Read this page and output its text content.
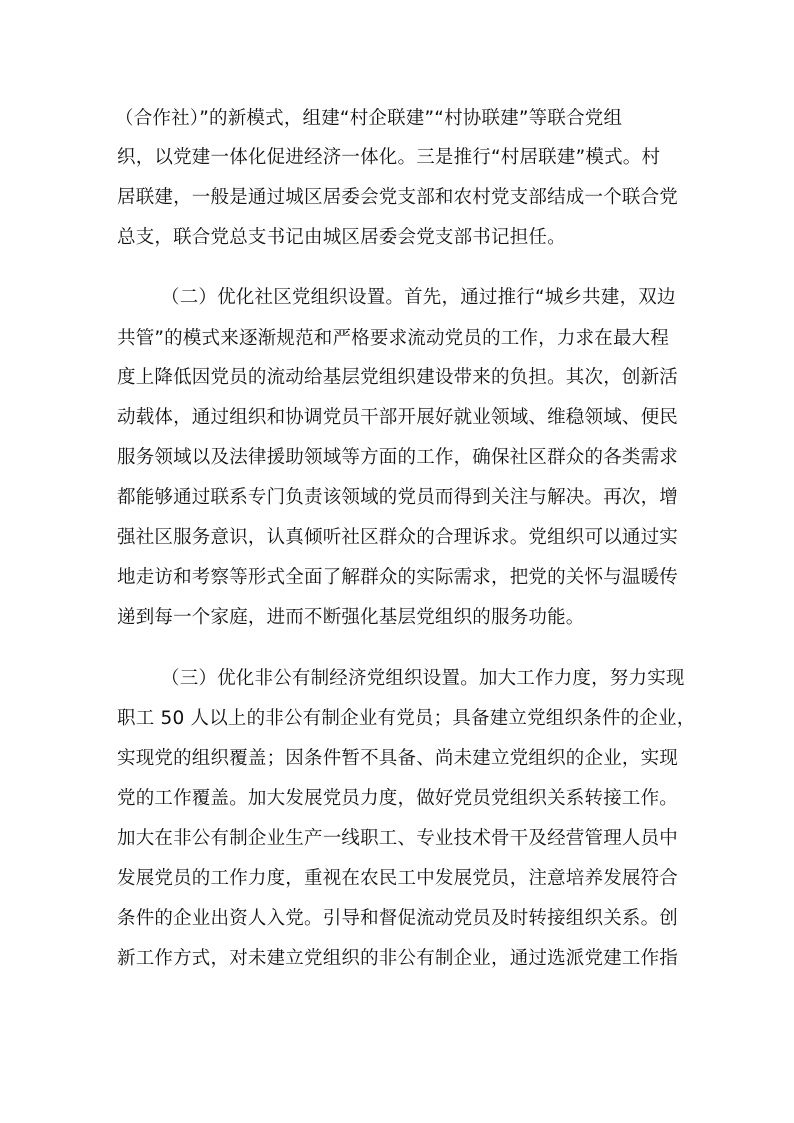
（合作社）”的新模式，组建“村企联建”“村协联建”等联合党组
织，以党建一体化促进经济一体化。三是推行“村居联建”模式。村
居联建，一般是通过城区居委会党支部和农村党支部结成一个联合党
总支，联合党总支书记由城区居委会党支部书记担任。
（二）优化社区党组织设置。首先，通过推行“城乡共建，双边
共管”的模式来逐渐规范和严格要求流动党员的工作，力求在最大程
度上降低因党员的流动给基层党组织建设带来的负担。其次，创新活
动载体，通过组织和协调党员干部开展好就业领域、维稳领域、便民
服务领域以及法律援助领域等方面的工作，确保社区群众的各类需求
都能够通过联系专门负责该领域的党员而得到关注与解决。再次，增
强社区服务意识，认真倾听社区群众的合理诉求。党组织可以通过实
地走访和考察等形式全面了解群众的实际需求，把党的关怀与温暖传
递到每一个家庭，进而不断强化基层党组织的服务功能。
（三）优化非公有制经济党组织设置。加大工作力度，努力实现
职工 50 人以上的非公有制企业有党员；具备建立党组织条件的企业，
实现党的组织覆盖；因条件暂不具备、尚未建立党组织的企业，实现
党的工作覆盖。加大发展党员力度，做好党员党组织关系转接工作。
加大在非公有制企业生产一线职工、专业技术骨干及经营管理人员中
发展党员的工作力度，重视在农民工中发展党员，注意培养发展符合
条件的企业出资人入党。引导和督促流动党员及时转接组织关系。创
新工作方式，对未建立党组织的非公有制企业，通过选派党建工作指
